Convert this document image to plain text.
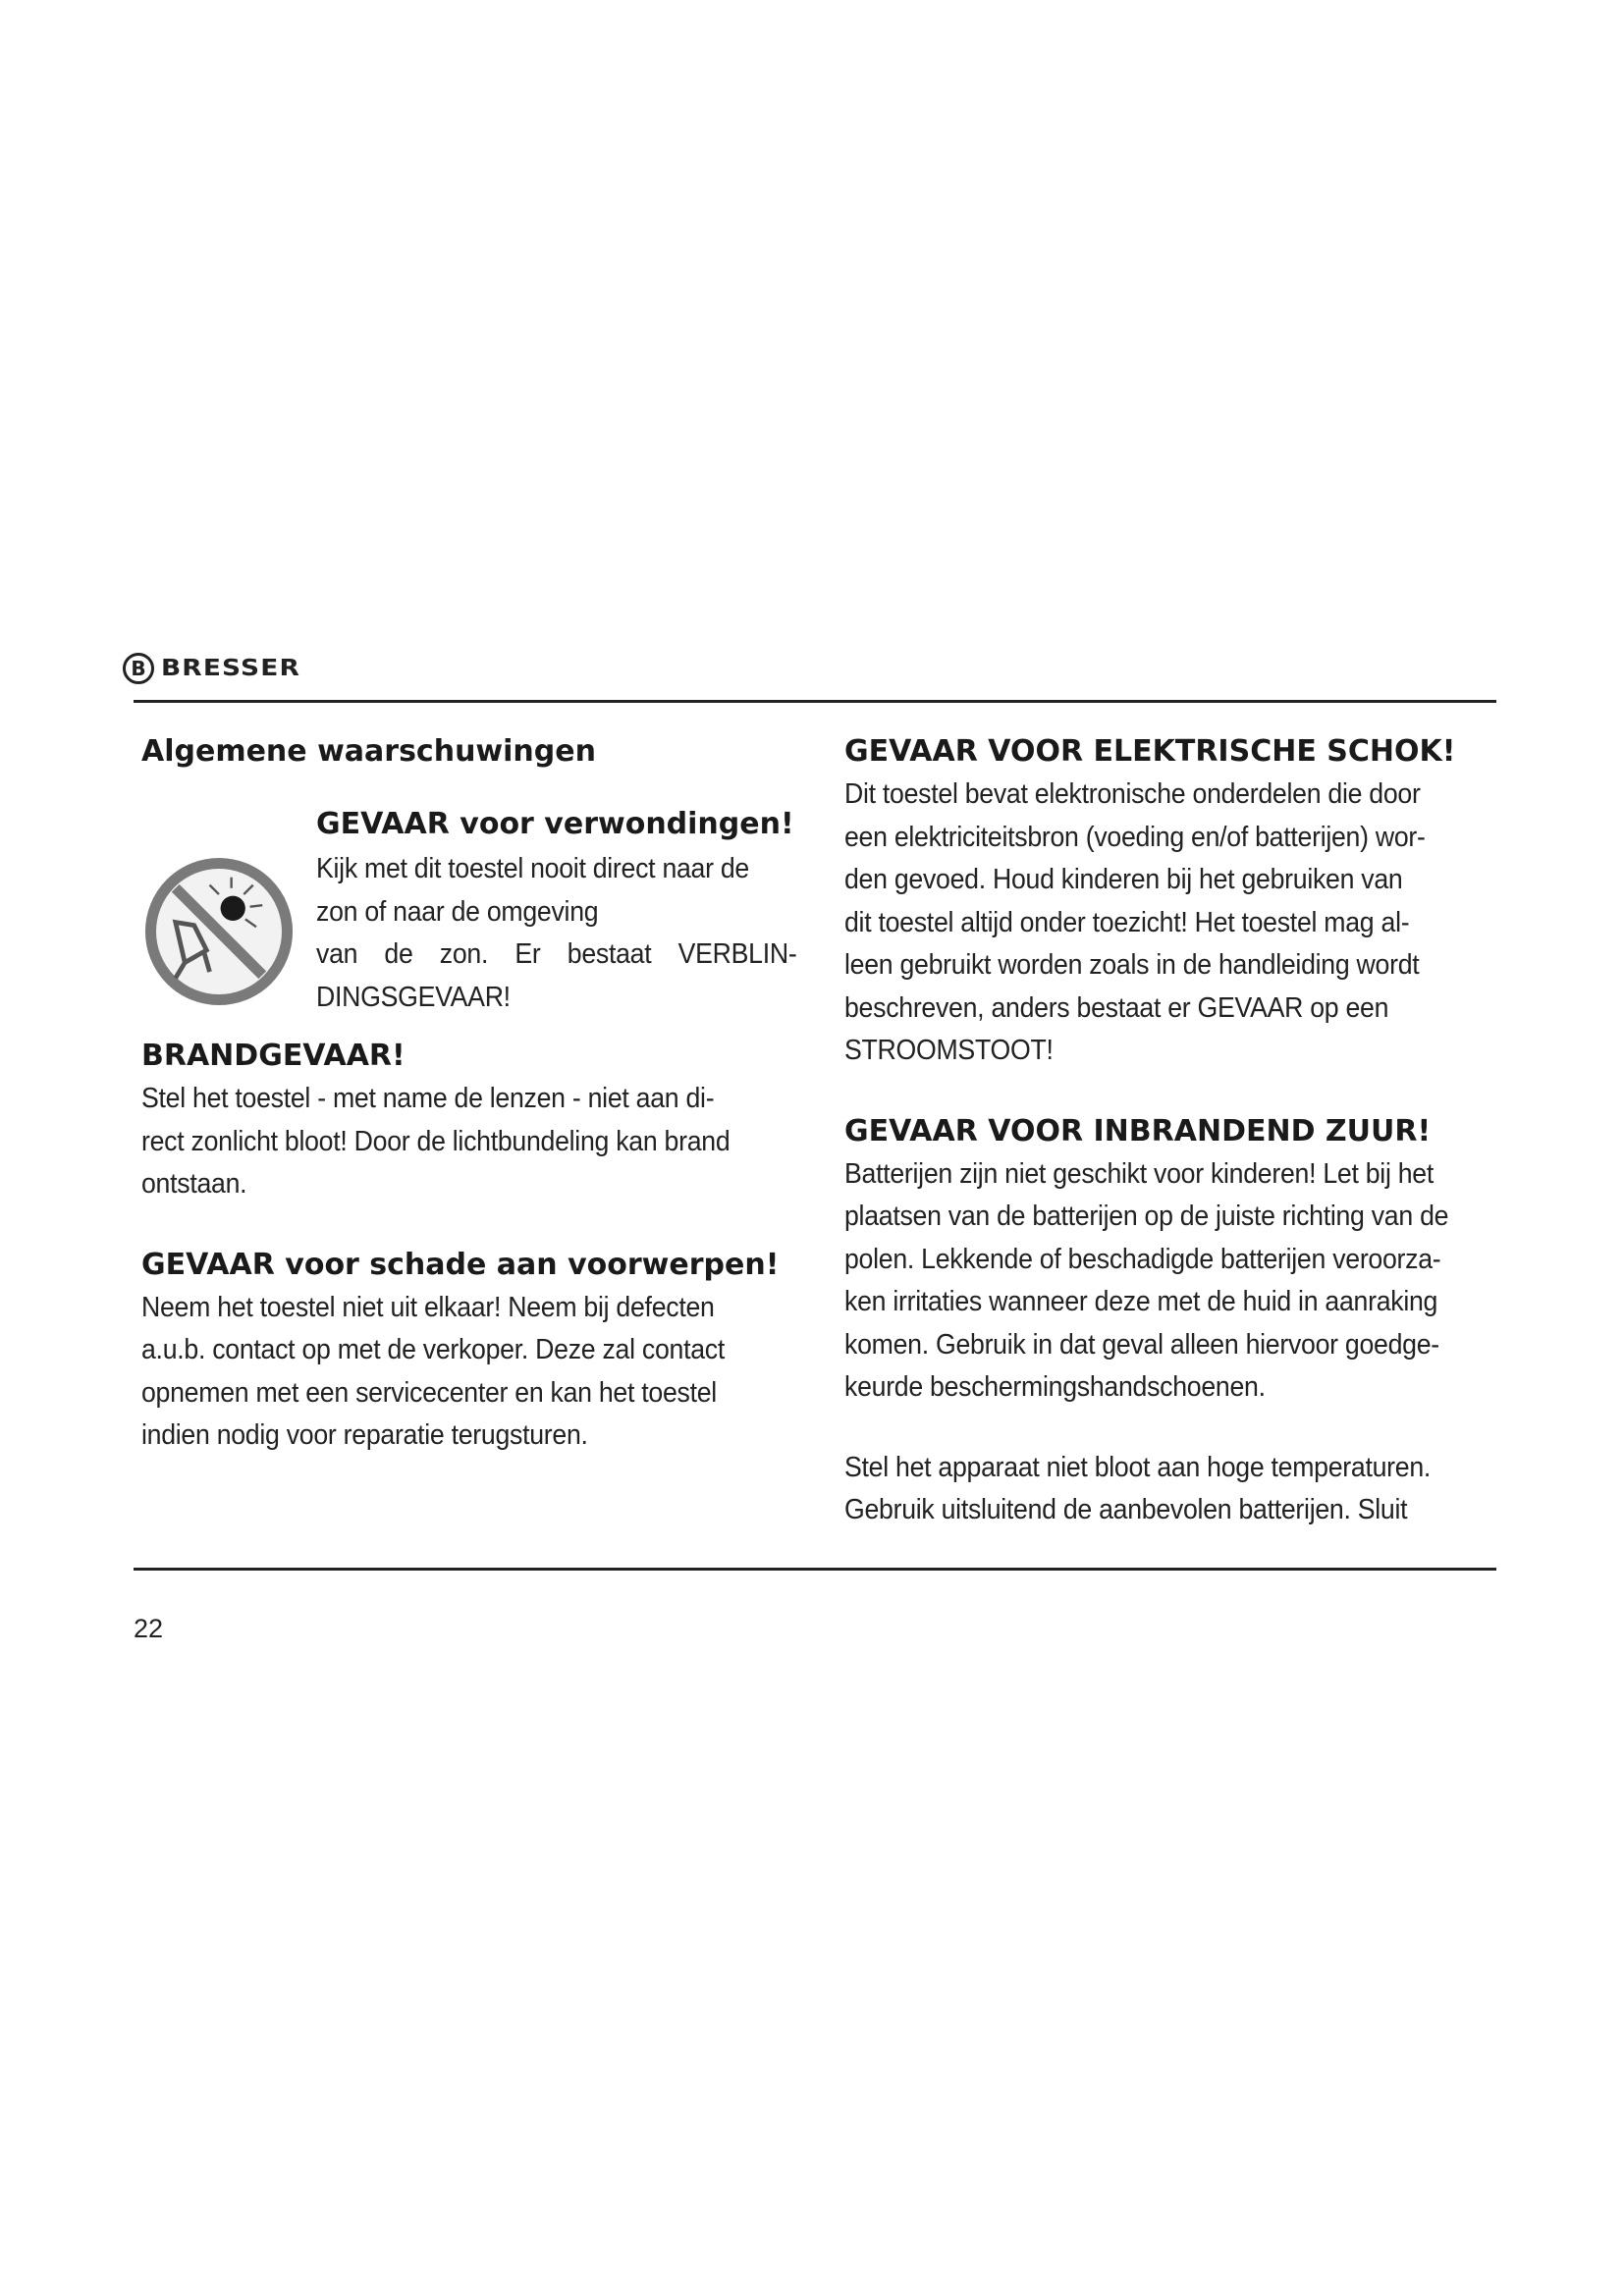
B BRESSER
Algemene waarschuwingen
GEVAAR voor verwondingen!

Kijk met dit toestel nooit direct naar de
zon of naar de omgeving
van de zon. Er bestaat VERBLIN-
DINGSGEVAAR!

BRANDGEVAAR!

Stel het toestel - met name de lenzen - niet aan di-
rect zonlicht bloot! Door de lichtbundeling kan brand
ontstaan.

GEVAAR voor schade aan voorwerpen!

Neem het toestel niet uit elkaar! Neem bij defecten
a.u.b. contact op met de verkoper. Deze zal contact
opnemen met een servicecenter en kan het toestel
indien nodig voor reparatie terugsturen.

GEVAAR VOOR ELEKTRISCHE SCHOK!

Dit toestel bevat elektronische onderdelen die door
een elektriciteitsbron (voeding en/of batterijen) wor-
den gevoed. Houd kinderen bij het gebruiken van
dit toestel altijd onder toezicht! Het toestel mag al-
leen gebruikt worden zoals in de handleiding wordt
beschreven, anders bestaat er GEVAAR op een
STROOMSTOOT!

GEVAAR VOOR INBRANDEND ZUUR!

Batterijen zijn niet geschikt voor kinderen! Let bij het
plaatsen van de batterijen op de juiste richting van de
polen. Lekkende of beschadigde batterijen veroorza-
ken irritaties wanneer deze met de huid in aanraking
komen. Gebruik in dat geval alleen hiervoor goedge-
keurde beschermingshandschoenen.

Stel het apparaat niet bloot aan hoge temperaturen.
Gebruik uitsluitend de aanbevolen batterijen. Sluit

22
